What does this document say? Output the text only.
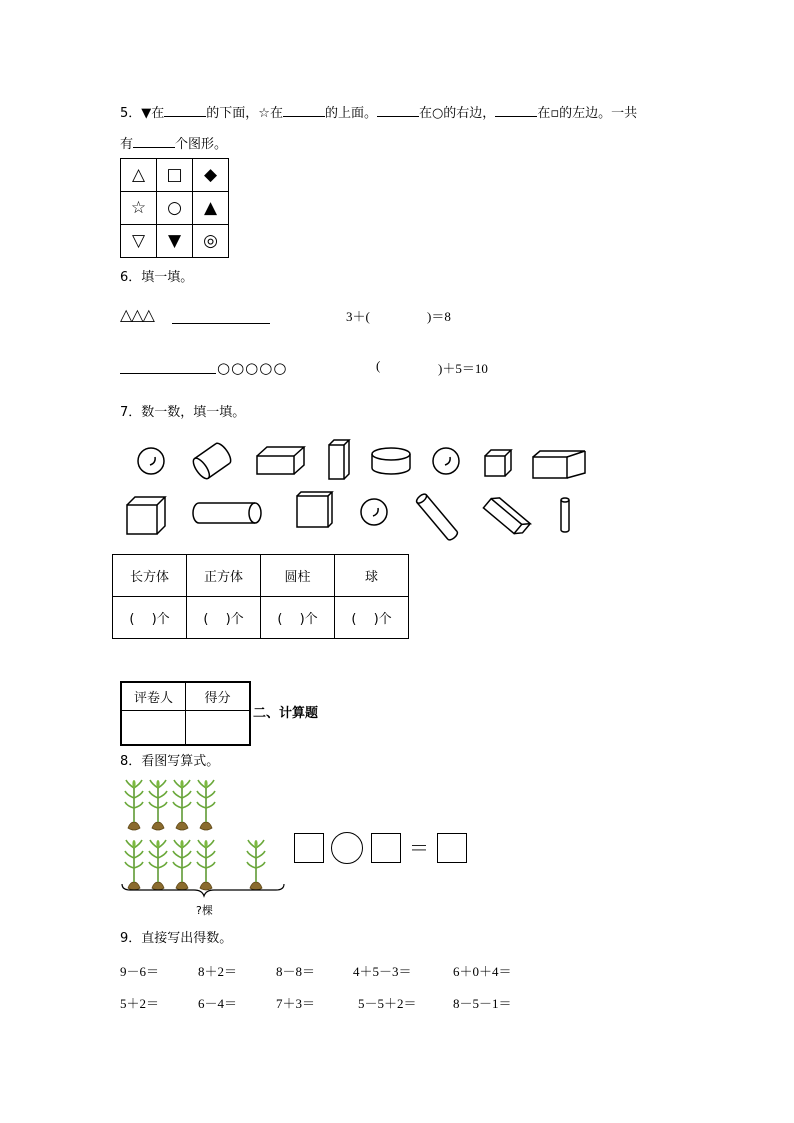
5．▼在	的下面，☆在	的上面。	在○的右边，	在▫的左边。一共
有	个图形。
△	□	◆
☆	○	▲
▽	▼	◎
6．填一填。
△△△	3＋(	)＝8
○○○○○	(	)＋5＝10
7．数一数，填一填。
长方体	正方体	圆柱	球
(　 )个	(　 )个	(　 )个	(　 )个
评卷人	得分

二、计算题
8．看图写算式。
?棵
＝
9．直接写出得数。
9－6＝	8＋2＝	8－8＝	4＋5－3＝	6＋0＋4＝
5＋2＝	6－4＝	7＋3＝	5－5＋2＝	8－5－1＝
